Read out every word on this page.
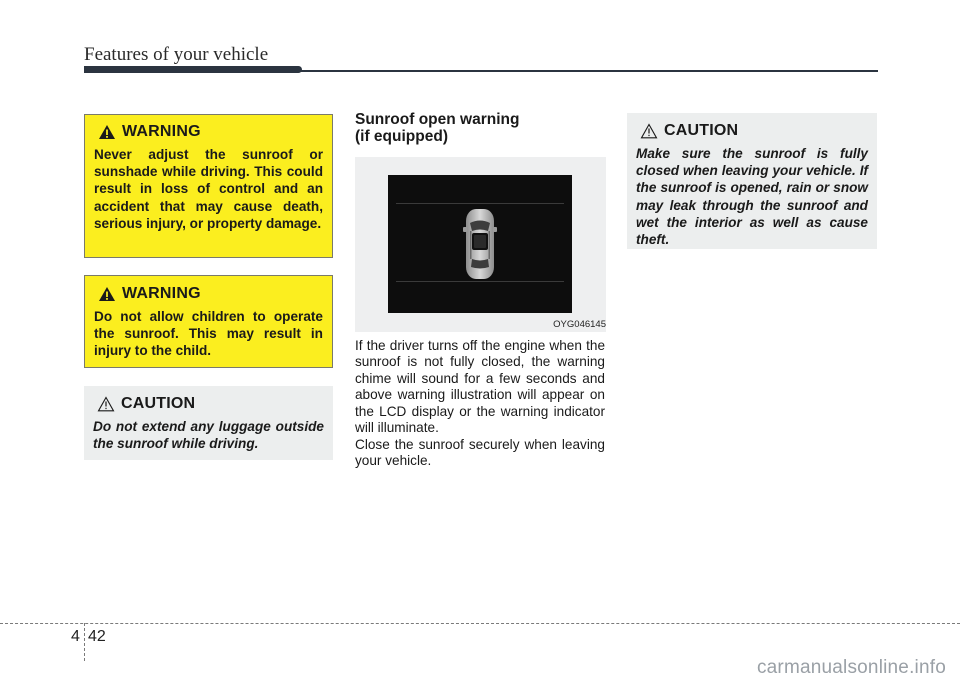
Features of your vehicle
WARNING
Never adjust the sunroof or sunshade while driving. This could result in loss of control and an accident that may cause death, serious injury, or property damage.
WARNING
Do not allow children to operate the sunroof. This may result in injury to the child.
CAUTION
Do not extend any luggage outside the sunroof while driving.
Sunroof open warning
(if equipped)
OYG046145

If the driver turns off the engine when the sunroof is not fully closed, the warning chime will sound for a few seconds and above warning illustration will appear on the LCD display or the warning indicator will illuminate.

Close the sunroof securely when leaving your vehicle.

CAUTION
Make sure the sunroof is fully closed when leaving your vehicle. If the sunroof is opened, rain or snow may leak through the sunroof and wet the interior as well as cause theft.
4 42
carmanualsonline.info
